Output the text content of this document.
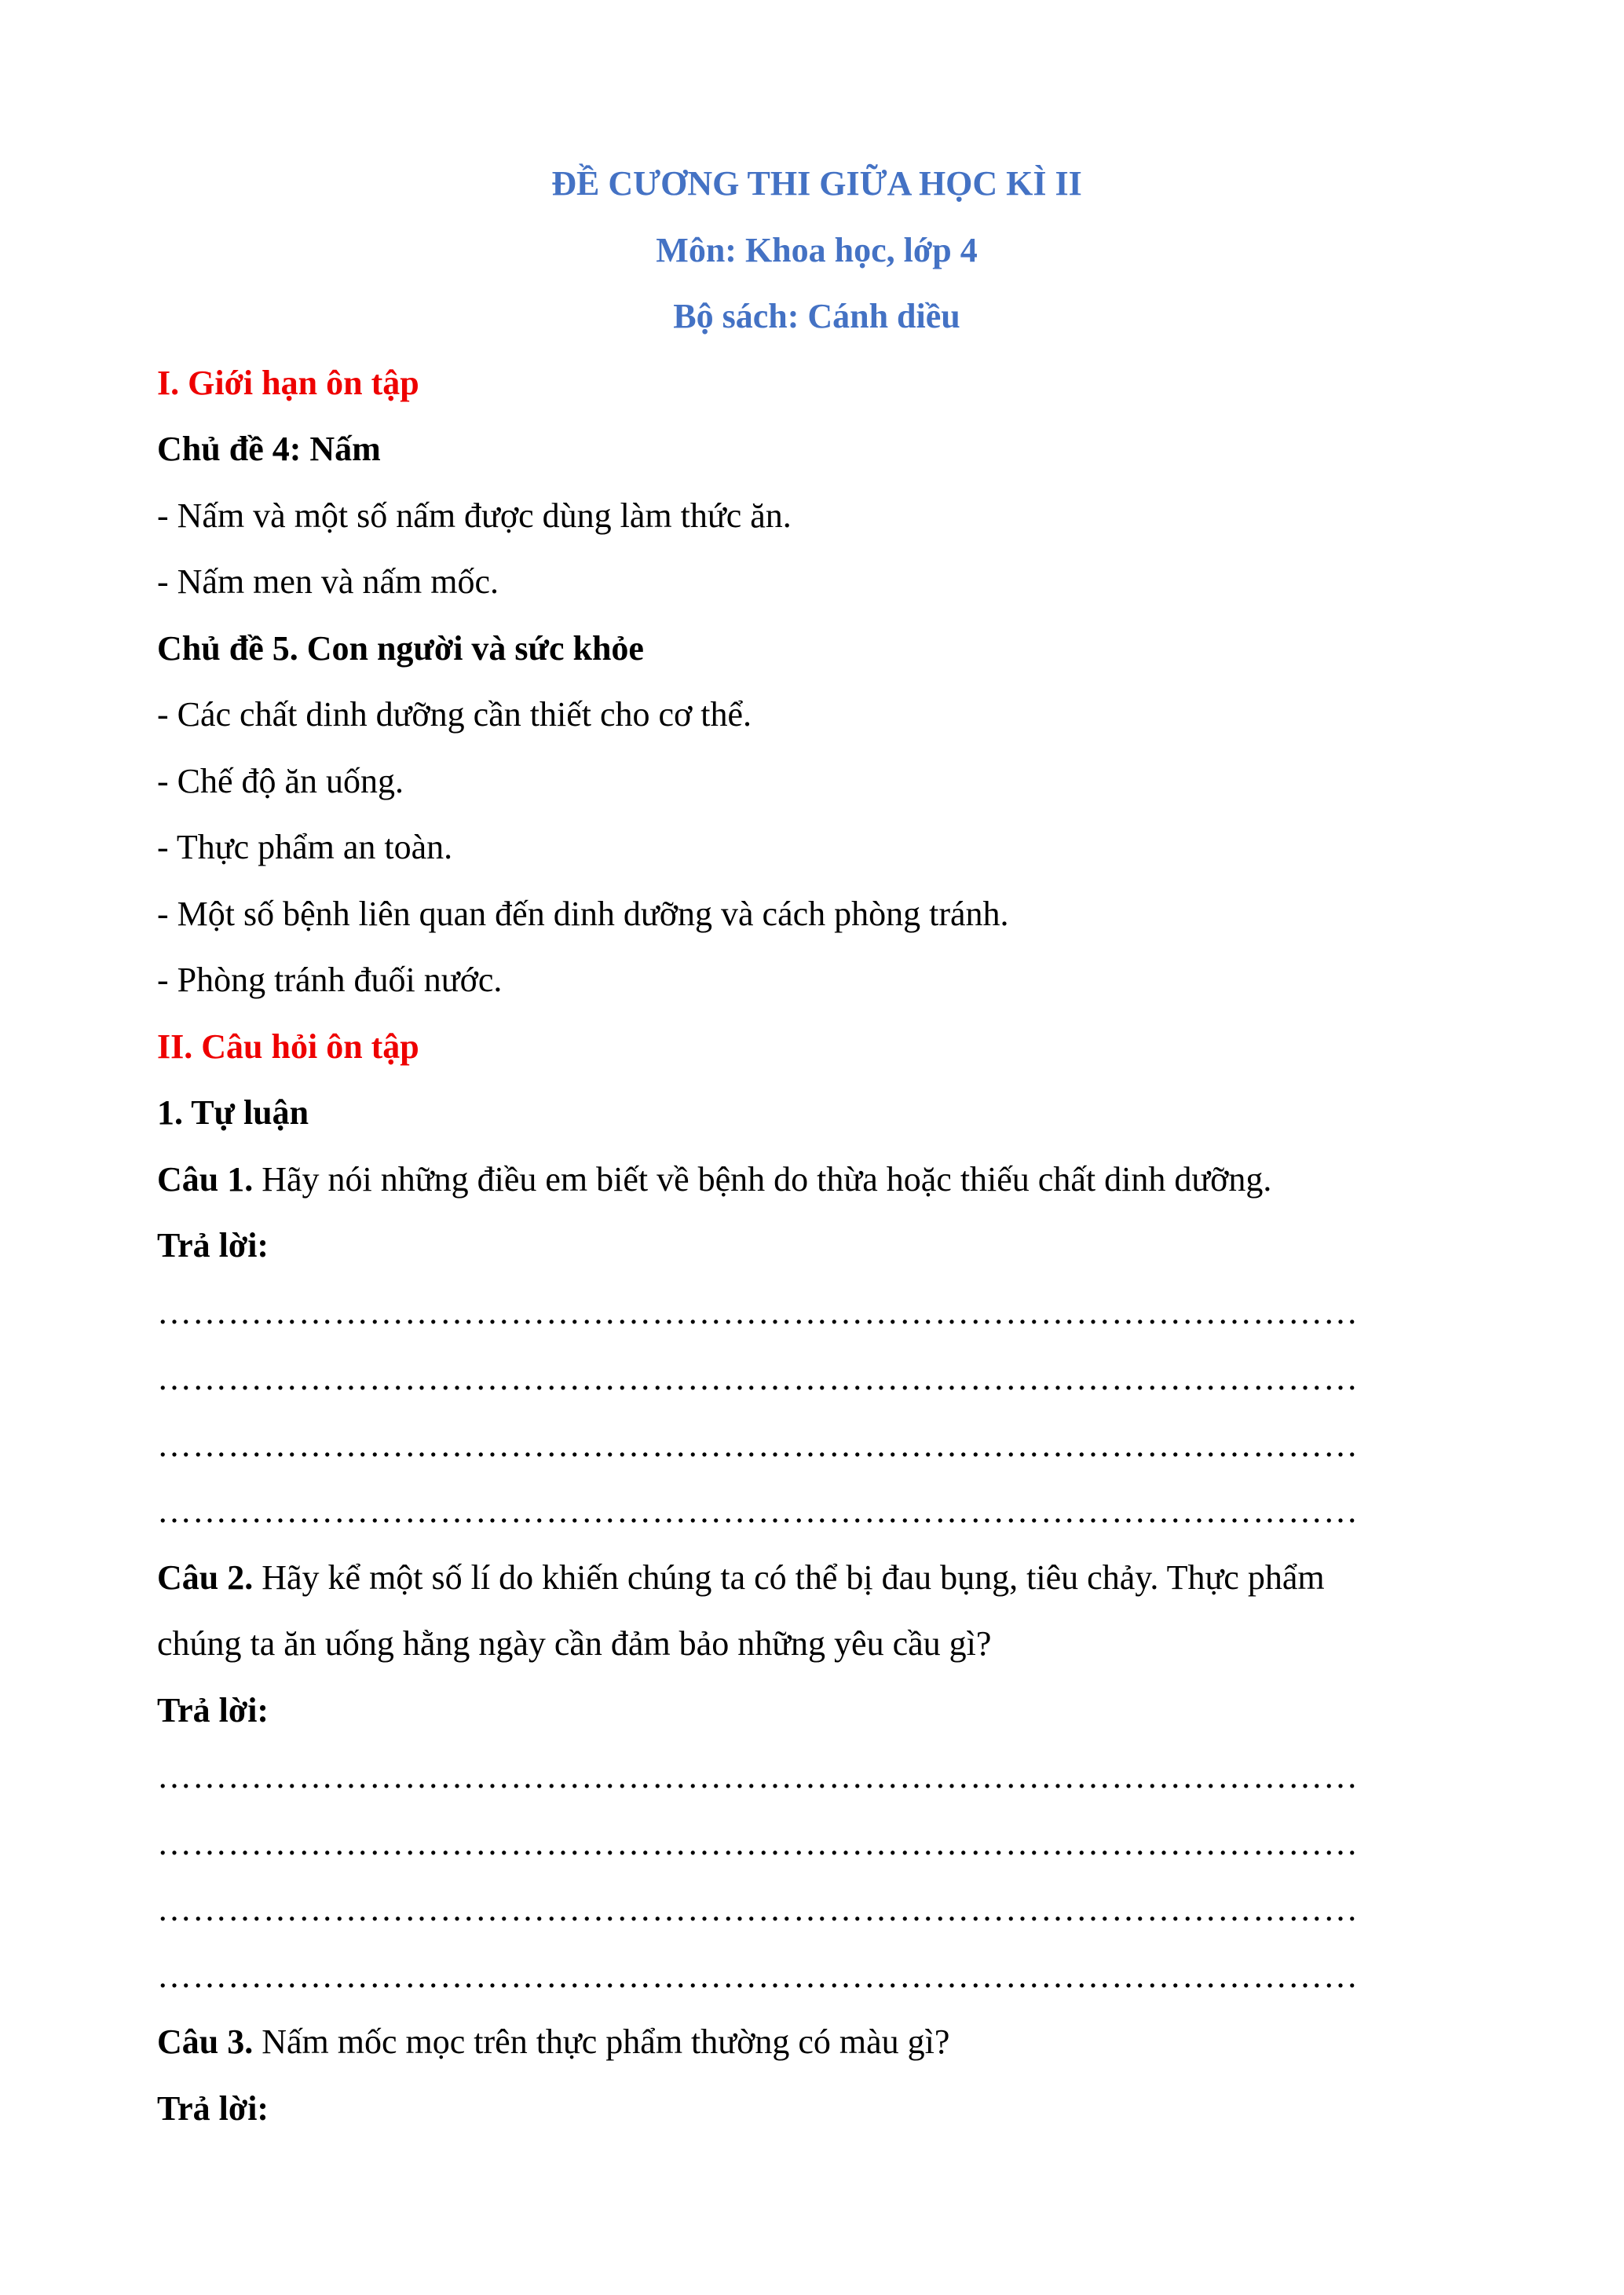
ĐỀ CƯƠNG THI GIỮA HỌC KÌ II
Môn: Khoa học, lớp 4
Bộ sách: Cánh diều
I. Giới hạn ôn tập
Chủ đề 4: Nấm
- Nấm và một số nấm được dùng làm thức ăn.
- Nấm men và nấm mốc.
Chủ đề 5. Con người và sức khỏe
- Các chất dinh dưỡng cần thiết cho cơ thể.
- Chế độ ăn uống.
- Thực phẩm an toàn.
- Một số bệnh liên quan đến dinh dưỡng và cách phòng tránh.
- Phòng tránh đuối nước.
II. Câu hỏi ôn tập
1. Tự luận
Câu 1. Hãy nói những điều em biết về bệnh do thừa hoặc thiếu chất dinh dưỡng.
Trả lời:
…………………………………………………………………………………………
…………………………………………………………………………………………
…………………………………………………………………………………………
…………………………………………………………………………………………
Câu 2. Hãy kể một số lí do khiến chúng ta có thể bị đau bụng, tiêu chảy. Thực phẩm
chúng ta ăn uống hằng ngày cần đảm bảo những yêu cầu gì?
Trả lời:
…………………………………………………………………………………………
…………………………………………………………………………………………
…………………………………………………………………………………………
…………………………………………………………………………………………
Câu 3. Nấm mốc mọc trên thực phẩm thường có màu gì?
Trả lời:
